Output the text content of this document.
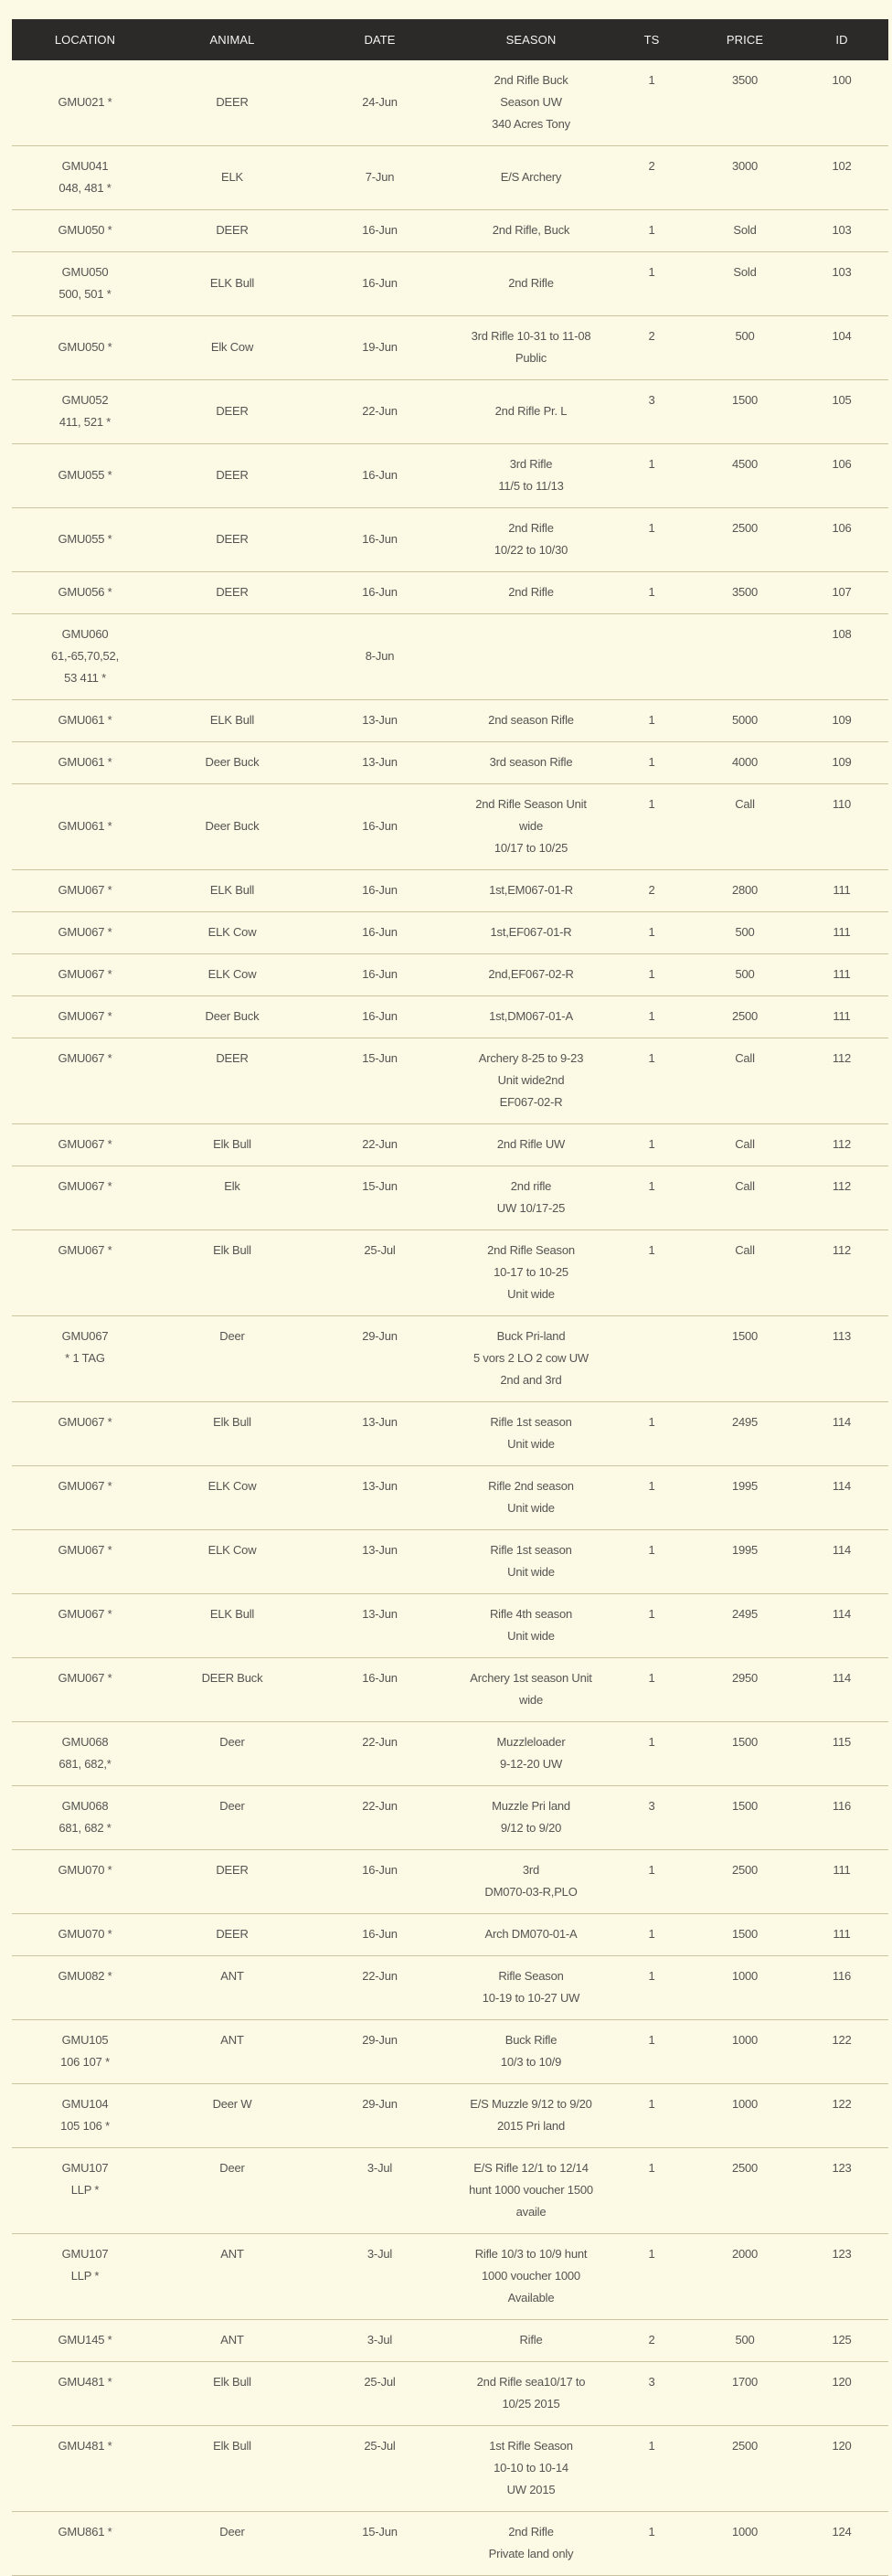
LOCATION	ANIMAL	DATE	SEASON	TS	PRICE	ID

GMU021 *	DEER	24-Jun	2nd Rifle Buck
Season UW
340 Acres Tony	1	3500	100

GMU041
048, 481 *	ELK	7-Jun	E/S Archery	2	3000	102

GMU050 *	DEER	16-Jun	2nd Rifle, Buck	1	Sold	103

GMU050
500, 501 *	ELK Bull	16-Jun	2nd Rifle	1	Sold	103

GMU050 *	Elk Cow	19-Jun	3rd Rifle 10-31 to 11-08
Public	2	500	104

GMU052
411, 521 *	DEER	22-Jun	2nd Rifle Pr. L	3	1500	105

GMU055 *	DEER	16-Jun	3rd Rifle
11/5 to 11/13	1	4500	106

GMU055 *	DEER	16-Jun	2nd Rifle
10/22 to 10/30	1	2500	106

GMU056 *	DEER	16-Jun	2nd Rifle	1	3500	107

GMU060
61,-65,70,52,
53 411 *		8-Jun				108

GMU061 *	ELK Bull	13-Jun	2nd season Rifle	1	5000	109

GMU061 *	Deer Buck	13-Jun	3rd season Rifle	1	4000	109

GMU061 *	Deer Buck	16-Jun	2nd Rifle Season Unit
wide
10/17 to 10/25	1	Call	110

GMU067 *	ELK Bull	16-Jun	1st,EM067-01-R	2	2800	111

GMU067 *	ELK Cow	16-Jun	1st,EF067-01-R	1	500	111

GMU067 *	ELK Cow	16-Jun	2nd,EF067-02-R	1	500	111

GMU067 *	Deer Buck	16-Jun	1st,DM067-01-A	1	2500	111

GMU067 *	DEER	15-Jun	Archery 8-25 to 9-23
Unit wide2nd
EF067-02-R	1	Call	112

GMU067 *	Elk Bull	22-Jun	2nd Rifle UW	1	Call	112

GMU067 *	Elk	15-Jun	2nd rifle
UW 10/17-25	1	Call	112

GMU067 *	Elk Bull	25-Jul	2nd Rifle Season
10-17 to 10-25
Unit wide	1	Call	112

GMU067
* 1 TAG	Deer	29-Jun	Buck Pri-land
5 vors 2 LO 2 cow UW
2nd and 3rd		1500	113

GMU067 *	Elk Bull	13-Jun	Rifle 1st season
Unit wide	1	2495	114

GMU067 *	ELK Cow	13-Jun	Rifle 2nd season
Unit wide	1	1995	114

GMU067 *	ELK Cow	13-Jun	Rifle 1st season
Unit wide	1	1995	114

GMU067 *	ELK Bull	13-Jun	Rifle 4th season
Unit wide	1	2495	114

GMU067 *	DEER Buck	16-Jun	Archery 1st season Unit
wide	1	2950	114

GMU068
681, 682,*	Deer	22-Jun	Muzzleloader
9-12-20 UW	1	1500	115

GMU068
681, 682 *	Deer	22-Jun	Muzzle Pri land
9/12 to 9/20	3	1500	116

GMU070 *	DEER	16-Jun	3rd
DM070-03-R,PLO	1	2500	111

GMU070 *	DEER	16-Jun	Arch DM070-01-A	1	1500	111

GMU082 *	ANT	22-Jun	Rifle Season
10-19 to 10-27 UW	1	1000	116

GMU105
106 107 *	ANT	29-Jun	Buck Rifle
10/3 to 10/9	1	1000	122

GMU104
105 106 *	Deer W	29-Jun	E/S Muzzle 9/12 to 9/20
2015 Pri land	1	1000	122

GMU107
LLP *	Deer	3-Jul	E/S Rifle 12/1 to 12/14
hunt 1000 voucher 1500
availe	1	2500	123

GMU107
LLP *	ANT	3-Jul	Rifle 10/3 to 10/9 hunt
1000 voucher 1000
Available	1	2000	123

GMU145 *	ANT	3-Jul	Rifle	2	500	125

GMU481 *	Elk Bull	25-Jul	2nd Rifle sea10/17 to
10/25 2015	3	1700	120

GMU481 *	Elk Bull	25-Jul	1st Rifle Season
10-10 to 10-14
UW 2015	1	2500	120

GMU861 *	Deer	15-Jun	2nd Rifle
Private land only	1	1000	124
